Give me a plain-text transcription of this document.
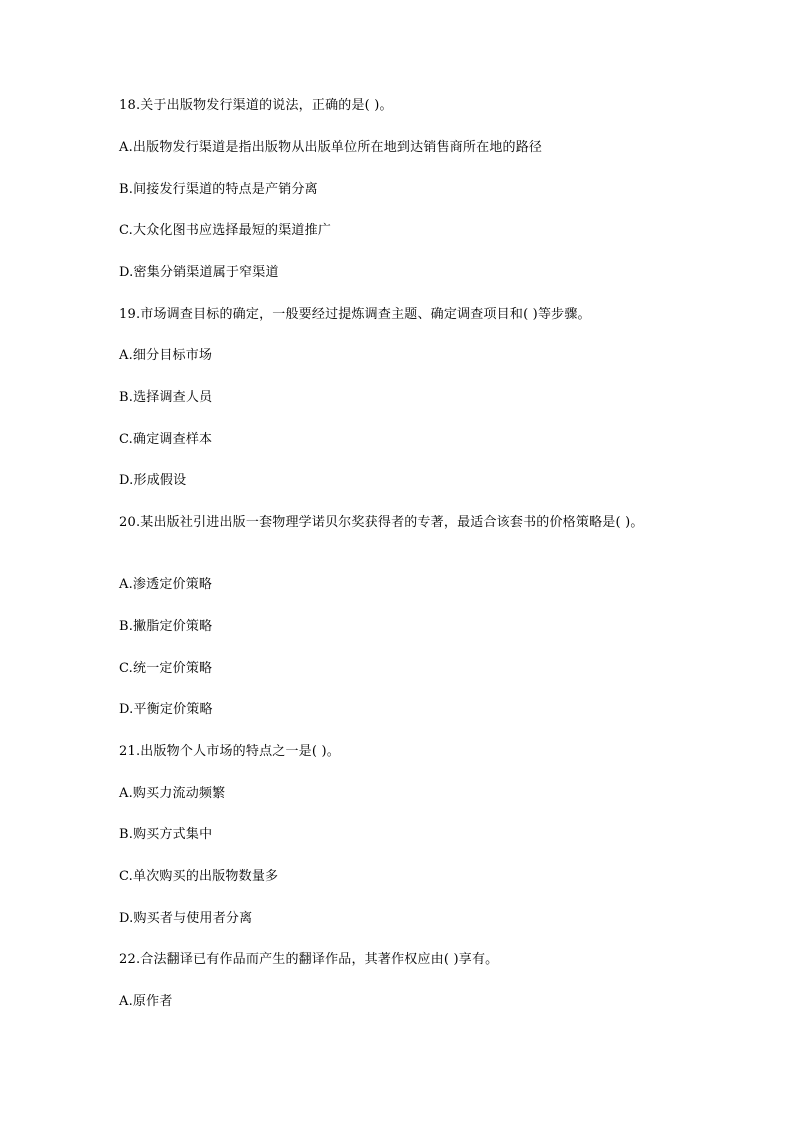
18.关于出版物发行渠道的说法，正确的是( )。
A.出版物发行渠道是指出版物从出版单位所在地到达销售商所在地的路径
B.间接发行渠道的特点是产销分离
C.大众化图书应选择最短的渠道推广
D.密集分销渠道属于窄渠道
19.市场调查目标的确定，一般要经过提炼调查主题、确定调查项目和( )等步骤。
A.细分目标市场
B.选择调查人员
C.确定调查样本
D.形成假设
20.某出版社引进出版一套物理学诺贝尔奖获得者的专著，最适合该套书的价格策略是( )。
A.渗透定价策略
B.撇脂定价策略
C.统一定价策略
D.平衡定价策略
21.出版物个人市场的特点之一是( )。
A.购买力流动频繁
B.购买方式集中
C.单次购买的出版物数量多
D.购买者与使用者分离
22.合法翻译已有作品而产生的翻译作品，其著作权应由( )享有。
A.原作者
